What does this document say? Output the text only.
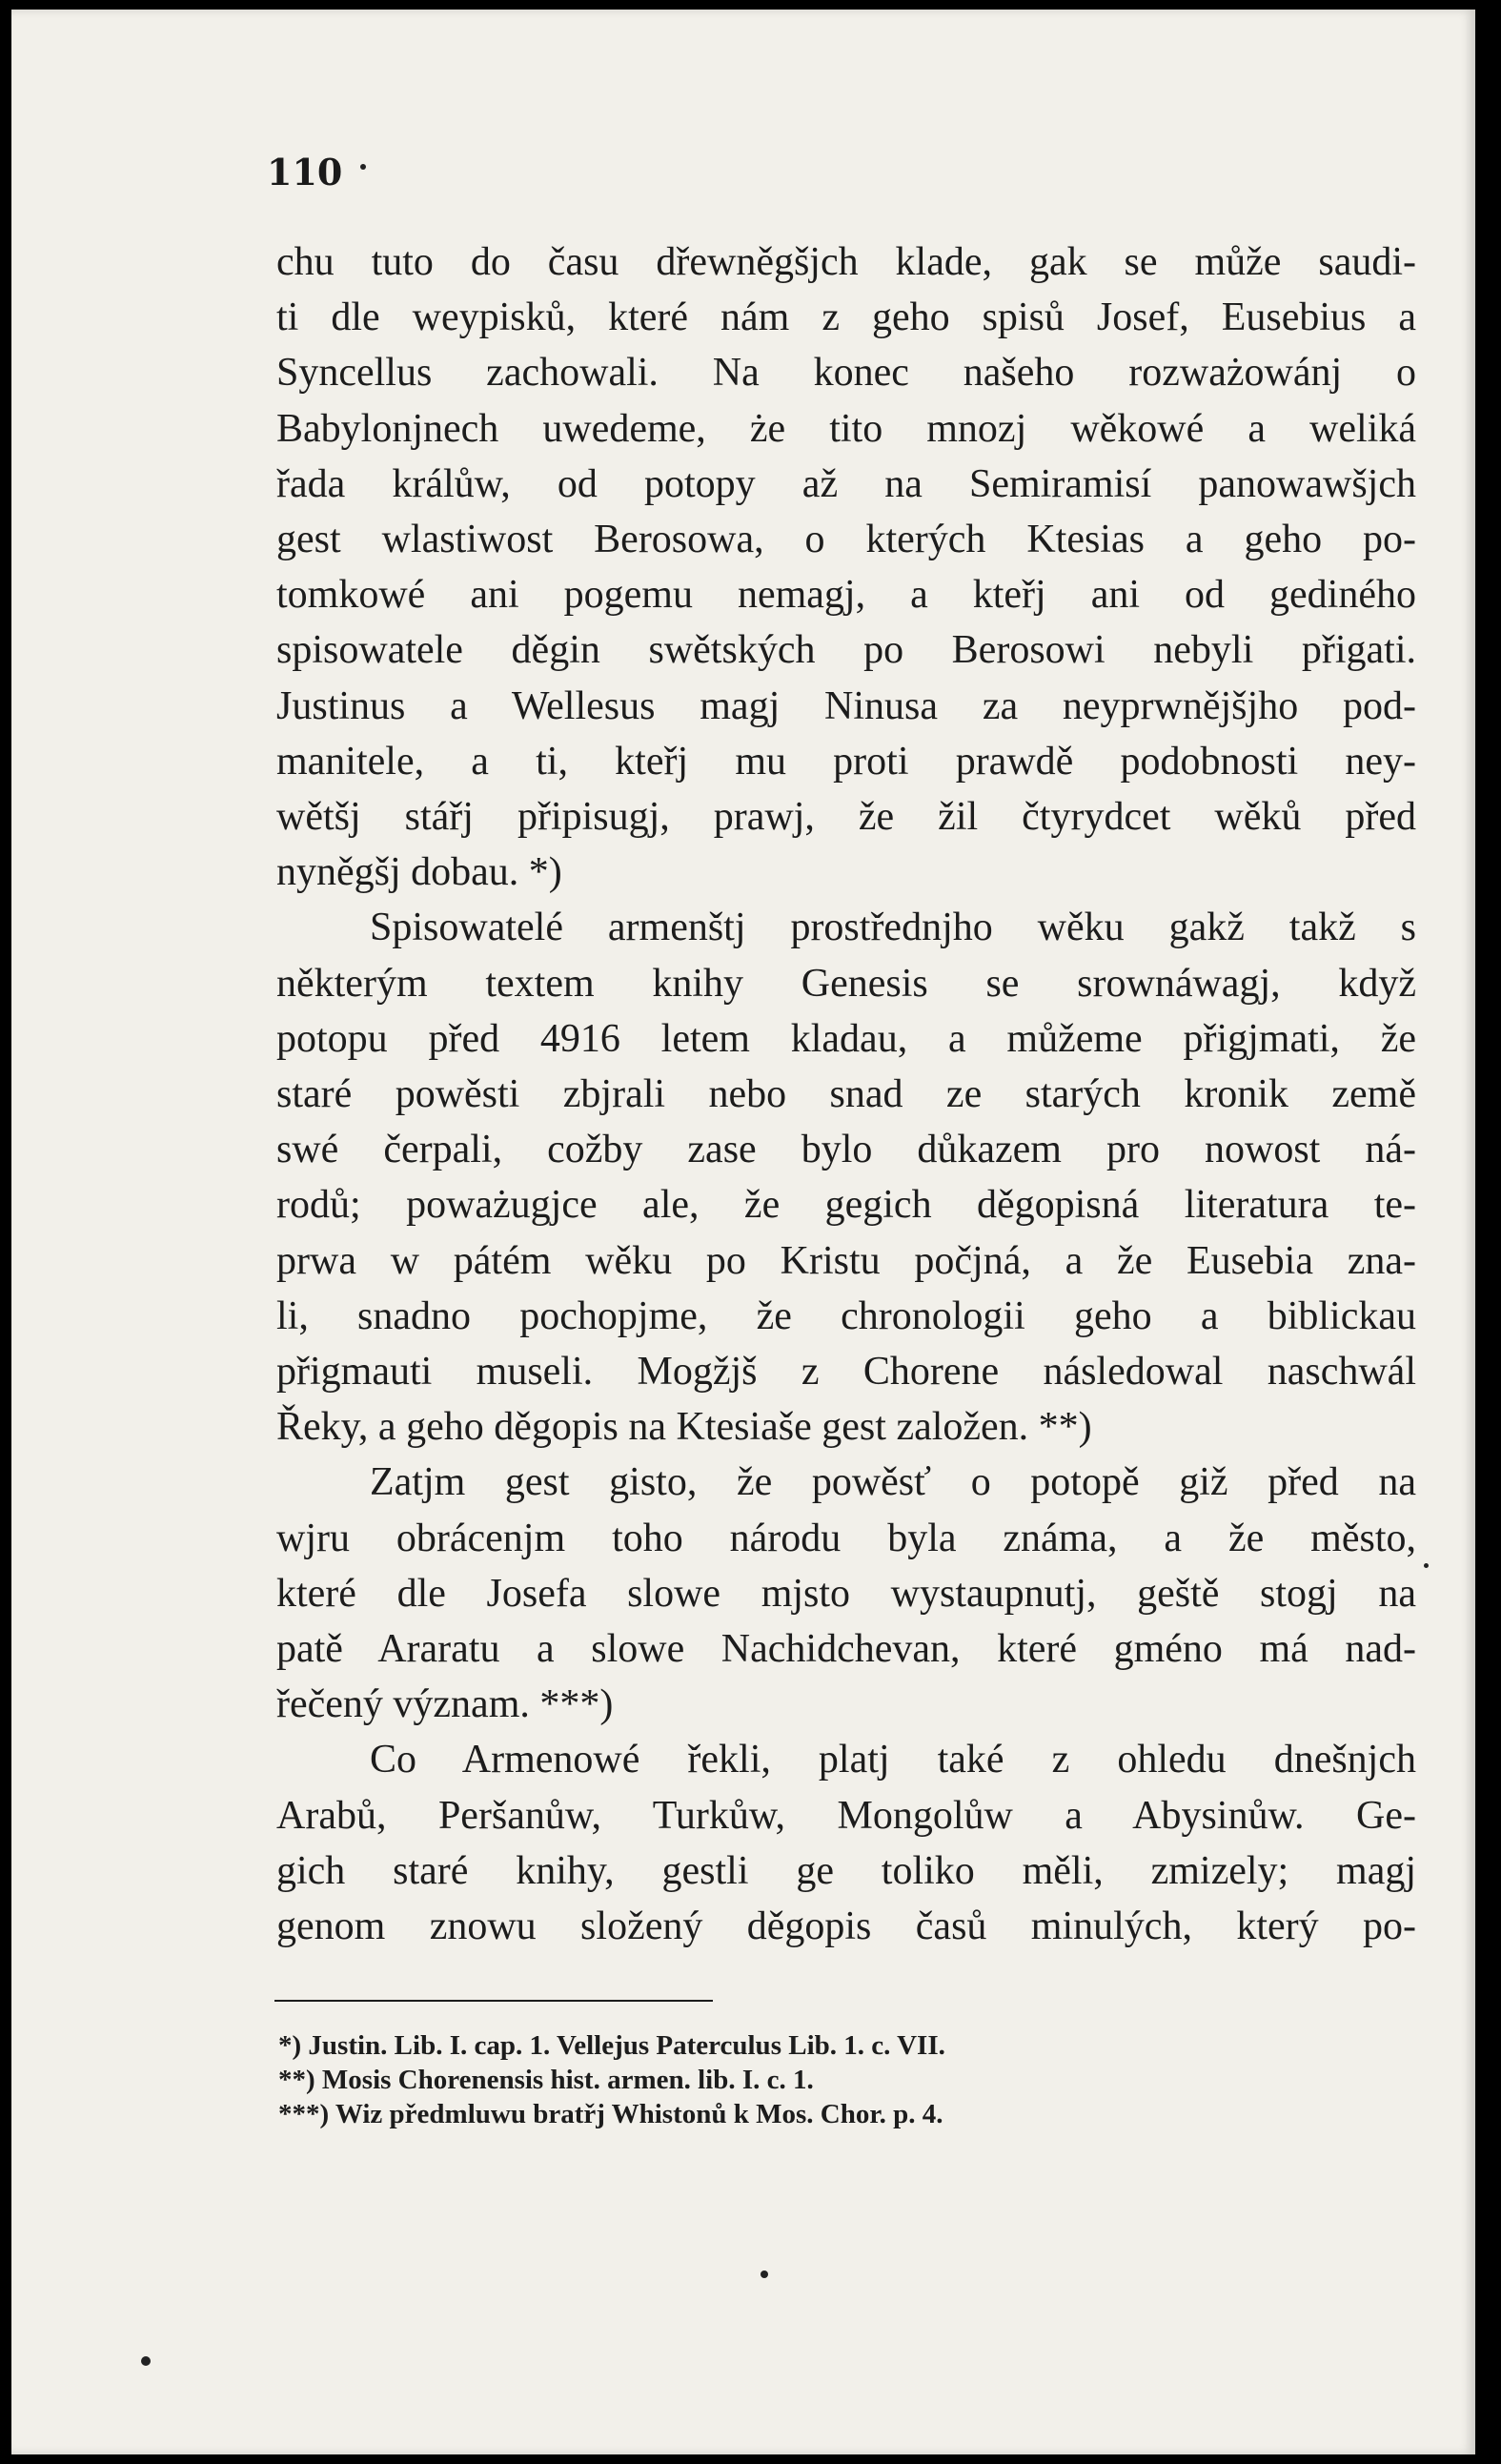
110
chu tuto do času dřewněgšjch klade, gak se může saudi-
ti dle weypisků, které nám z geho spisů Josef, Eusebius a
Syncellus zachowali. Na konec našeho rozważowánj o
Babylonjnech uwedeme, że tito mnozj wěkowé a weliká
řada králůw, od potopy až na Semiramisí panowawšjch
gest wlastiwost Berosowa, o kterých Ktesias a geho po-
tomkowé ani pogemu nemagj, a kteřj ani od gediného
spisowatele děgin swětských po Berosowi nebyli přigati.
Justinus a Wellesus magj Ninusa za neyprwnějšjho pod-
manitele, a ti, kteřj mu proti prawdě podobnosti ney-
wětšj stářj připisugj, prawj, že žil čtyrydcet wěků před
nyněgšj dobau. *)
Spisowatelé armenštj prostřednjho wěku gakž takž s
některým textem knihy Genesis se srownáwagj, když
potopu před 4916 letem kladau, a můžeme přigjmati, že
staré powěsti zbjrali nebo snad ze starých kronik země
swé čerpali, cožby zase bylo důkazem pro nowost ná-
rodů; poważugjce ale, že gegich děgopisná literatura te-
prwa w pátém wěku po Kristu počjná, a že Eusebia zna-
li, snadno pochopjme, že chronologii geho a biblickau
přigmauti museli. Mogžjš z Chorene následowal naschwál
Řeky, a geho děgopis na Ktesiaše gest založen. **)
Zatjm gest gisto, že powěsť o potopě giž před na
wjru obrácenjm toho národu byla známa, a že město,
které dle Josefa slowe mjsto wystaupnutj, geště stogj na
patě Araratu a slowe Nachidchevan, které gméno má nad-
řečený význam. ***)
Co Armenowé řekli, platj také z ohledu dnešnjch
Arabů, Peršanůw, Turkůw, Mongolůw a Abysinůw. Ge-
gich staré knihy, gestli ge toliko měli, zmizely; magj
genom znowu složený děgopis časů minulých, který po-
*) Justin. Lib. I. cap. 1. Vellejus Paterculus Lib. 1. c. VII.
**) Mosis Chorenensis hist. armen. lib. I. c. 1.
***) Wiz předmluwu bratřj Whistonů k Mos. Chor. p. 4.
